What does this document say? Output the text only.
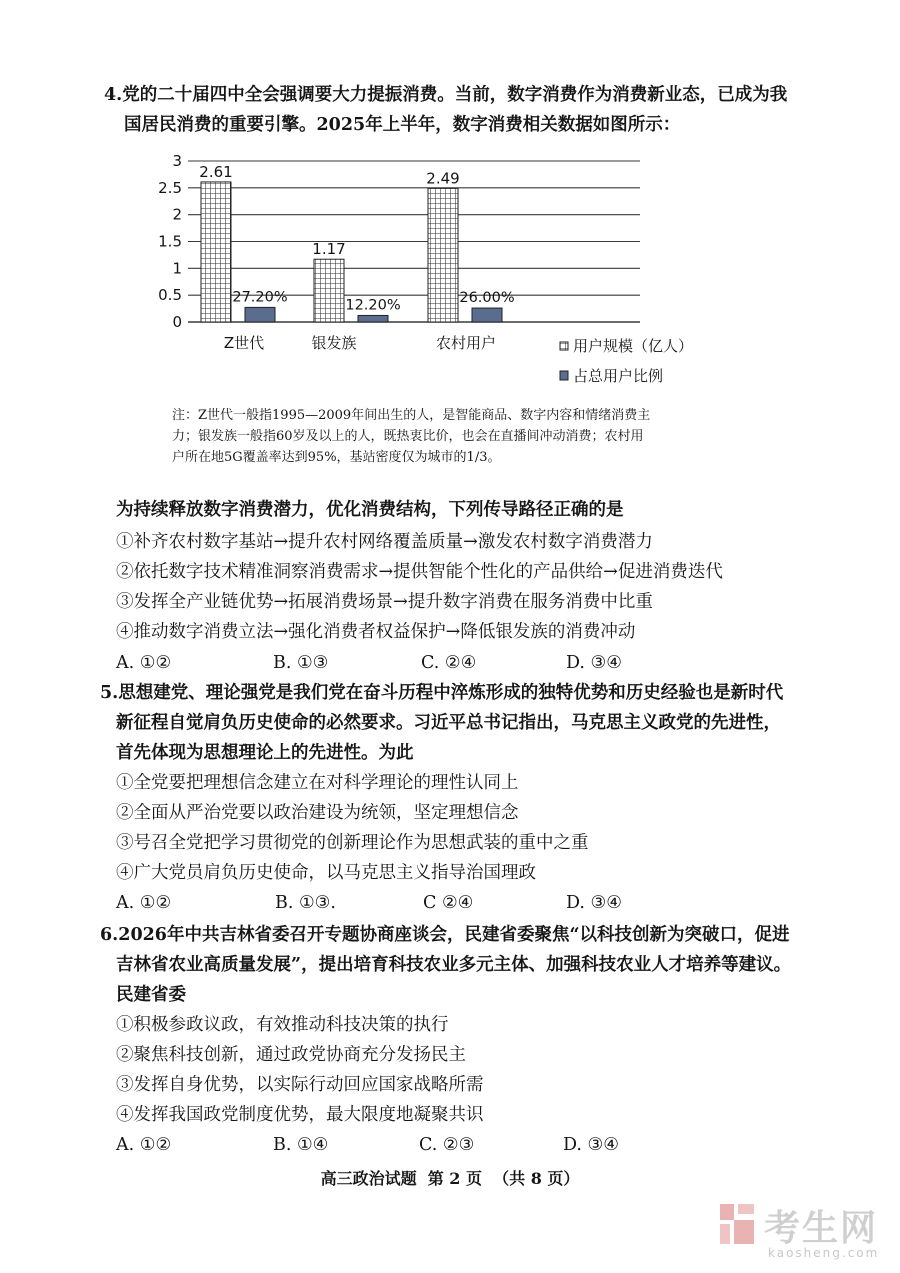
4.党的二十届四中全会强调要大力提振消费。当前，数字消费作为消费新业态，已成为我
国居民消费的重要引擎。2025年上半年，数字消费相关数据如图所示：
0
0.5
1
1.5
2
2.5
3
2.61
27.20%
1.17
12.20%
2.49
26.00%
Z世代	银发族	农村用户	用户规模（亿人）
占总用户比例
注：Z世代一般指1995—2009年间出生的人，是智能商品、数字内容和情绪消费主
力；银发族一般指60岁及以上的人，既热衷比价，也会在直播间冲动消费；农村用
户所在地5G覆盖率达到95%，基站密度仅为城市的1/3。
为持续释放数字消费潜力，优化消费结构，下列传导路径正确的是
①补齐农村数字基站→提升农村网络覆盖质量→激发农村数字消费潜力
②依托数字技术精准洞察消费需求→提供智能个性化的产品供给→促进消费迭代
③发挥全产业链优势→拓展消费场景→提升数字消费在服务消费中比重
④推动数字消费立法→强化消费者权益保护→降低银发族的消费冲动
A. ①②	B. ①③	C. ②④	D. ③④
5.思想建党、理论强党是我们党在奋斗历程中淬炼形成的独特优势和历史经验也是新时代
新征程自觉肩负历史使命的必然要求。习近平总书记指出，马克思主义政党的先进性，
首先体现为思想理论上的先进性。为此
①全党要把理想信念建立在对科学理论的理性认同上
②全面从严治党要以政治建设为统领，坚定理想信念
③号召全党把学习贯彻党的创新理论作为思想武装的重中之重
④广大党员肩负历史使命，以马克思主义指导治国理政
A. ①②	B. ①③.	C ②④	D. ③④
6.2026年中共吉林省委召开专题协商座谈会，民建省委聚焦“以科技创新为突破口，促进
吉林省农业高质量发展”，提出培育科技农业多元主体、加强科技农业人才培养等建议。
民建省委
①积极参政议政，有效推动科技决策的执行
②聚焦科技创新，通过政党协商充分发扬民主
③发挥自身优势，以实际行动回应国家战略所需
④发挥我国政党制度优势，最大限度地凝聚共识
A. ①②	B. ①④	C. ②③	D. ③④
高三政治试题  第 2 页  （共 8 页）
考生网
kaosheng.com
